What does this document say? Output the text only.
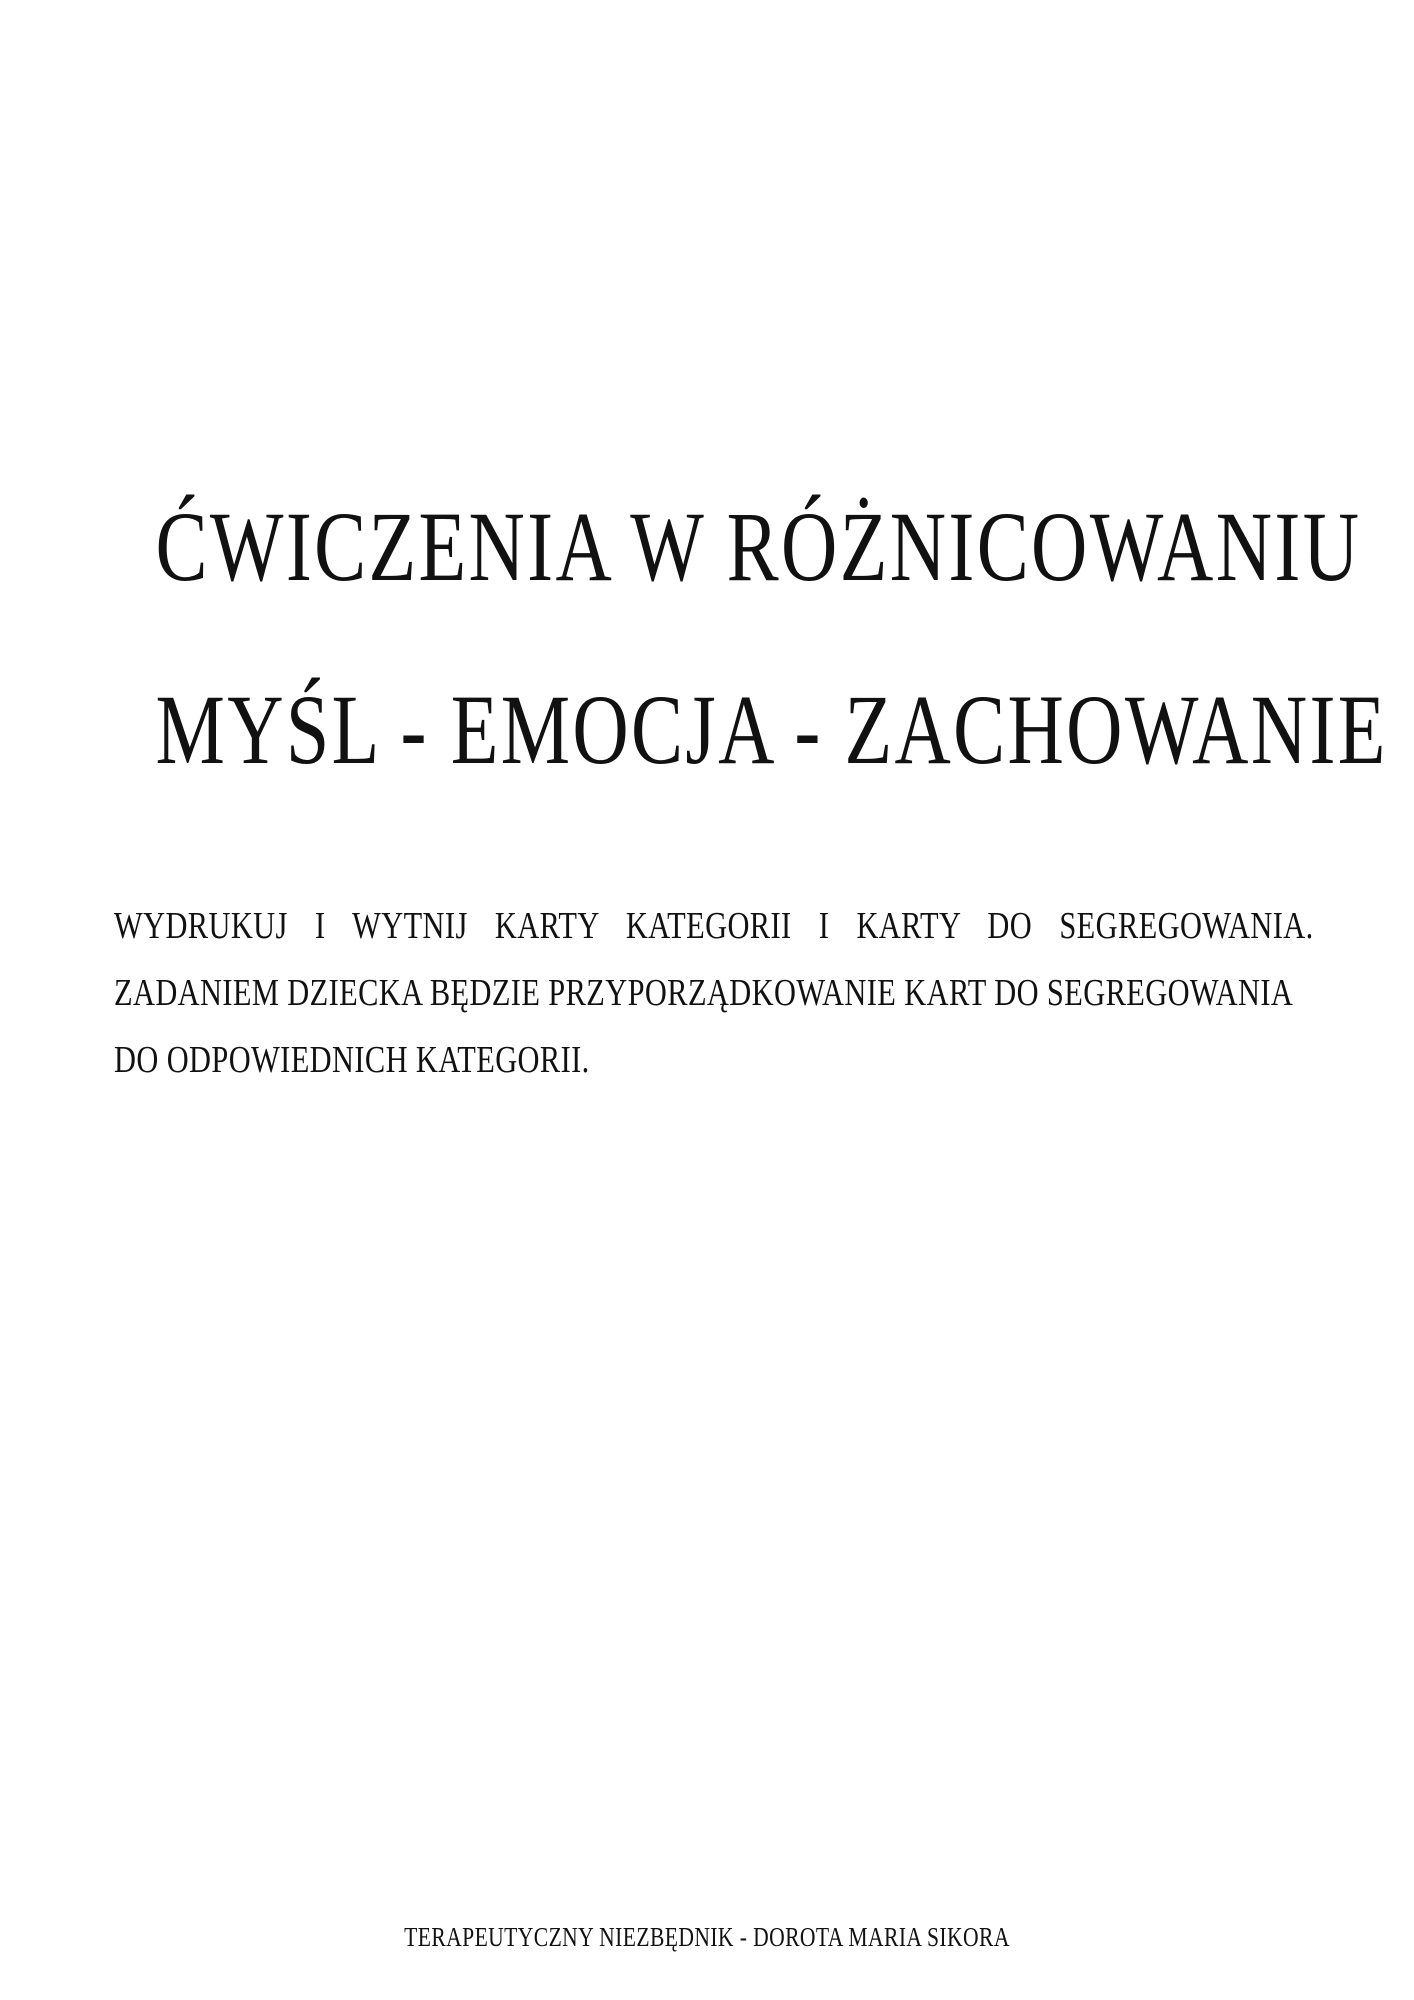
ĆWICZENIA W RÓŻNICOWANIU
MYŚL - EMOCJA - ZACHOWANIE
WYDRUKUJ I WYTNIJ KARTY KATEGORII I KARTY DO SEGREGOWANIA.
ZADANIEM DZIECKA BĘDZIE PRZYPORZĄDKOWANIE KART DO SEGREGOWANIA
DO ODPOWIEDNICH KATEGORII.
TERAPEUTYCZNY NIEZBĘDNIK - DOROTA MARIA SIKORA
